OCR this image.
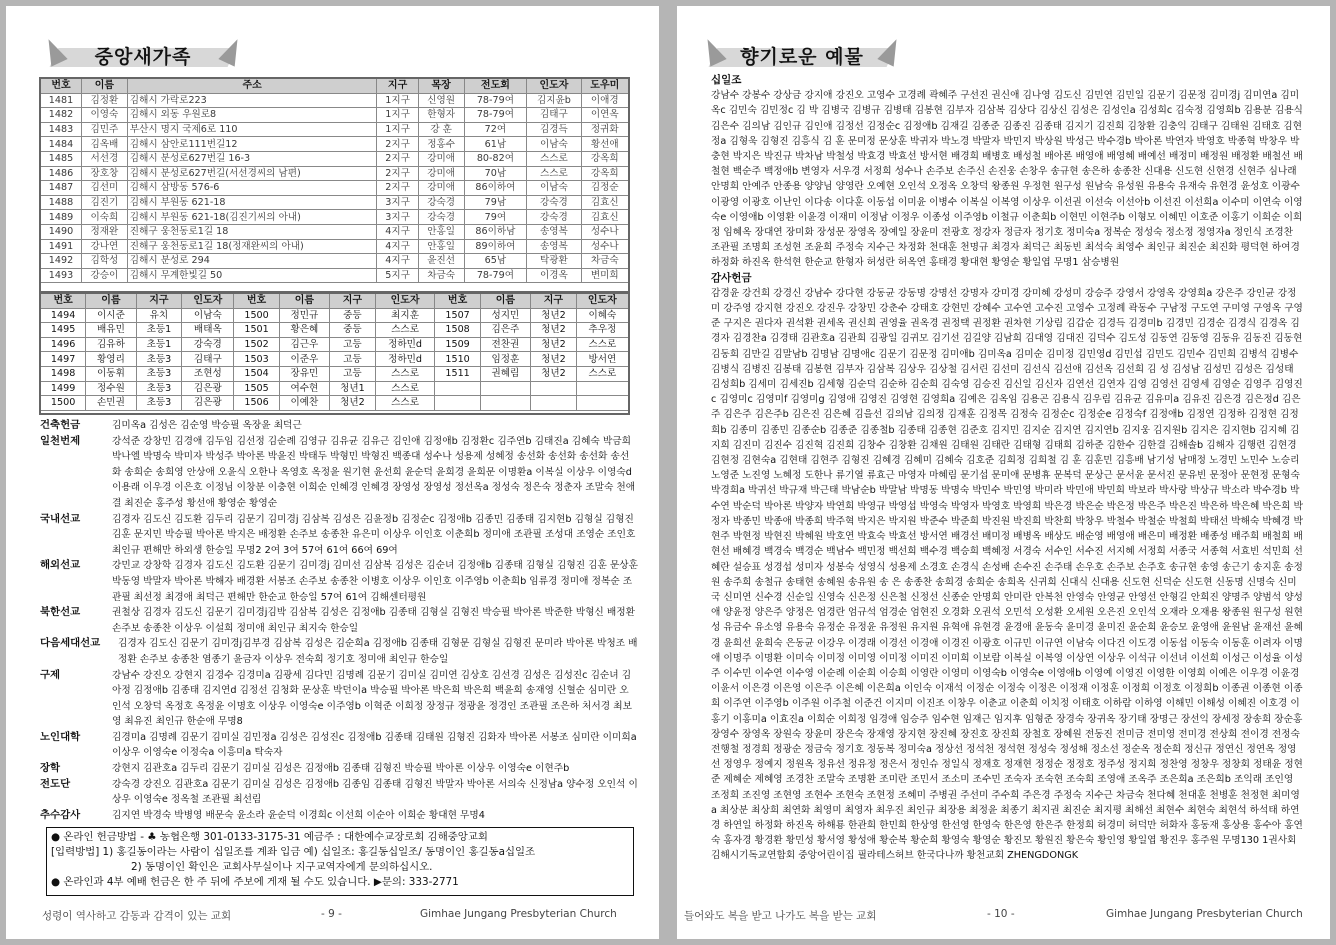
중앙새가족
번호	이름	주소	지구	목장	전도회	인도자	도우미
1481	김정환	김해시 가락로223	1지구	신영원	78-79여	김지윤b	이애경
1482	이영숙	김해시 외동 우원로8	1지구	한형자	78-79여	김태구	이연옥
1483	김민주	부산시 명지 국제6로 110	1지구	강 훈	72여	김경득	정귀화
1484	김옥배	김해시 삼안로111번길12	2지구	정홍수	61남	이남숙	황선애
1485	서선경	김해시 분성로627번길 16-3	2지구	강미애	80-82여	스스로	강옥희
1486	장호창	김해시 분성로627번길(서선경씨의 남편)	2지구	강미애	70남	스스로	강옥희
1487	김선미	김해시 삼방동 576-6	2지구	강미애	86이하여	이남숙	김정순
1488	김진기	김해시 부원동 621-18	3지구	강숙경	79남	강숙경	김효신
1489	이숙희	김해시 부원동 621-18(김진기씨의 아내)	3지구	강숙경	79여	강숙경	김효신
1490	정재완	진해구 웅천동로1길 18	4지구	안홍일	86이하남	송영복	성수나
1491	강나연	진해구 웅천동로1길 18(정재완씨의 아내)	4지구	안홍일	89이하여	송영복	성수나
1492	김학성	김해시 분성로 294	4지구	윤진선	65남	탁광환	차금숙
1493	강승이	김해시 무계한빛길 50	5지구	차금숙	78-79여	이경옥	변미희
번호	이름	지구	인도자	번호	이름	지구	인도자	번호	이름	지구	인도자
1494	이시준	유치	이남숙	1500	정민규	중등	최지훈	1507	성지민	청년2	이혜숙
1495	배유민	초등1	배태옥	1501	황은혜	중등	스스로	1508	김은주	청년2	추우정
1496	김유하	초등1	강숙경	1502	김근우	고등	정하민d	1509	전찬권	청년2	스스로
1497	황영리	초등3	김태구	1503	이준우	고등	정하민d	1510	임정훈	청년2	방서연
1498	이동휘	초등3	조현성	1504	장유민	고등	스스로	1511	권혜림	청년2	스스로
1499	정수원	초등3	김은광	1505	여수현	청년1	스스로				
1500	손민권	초등3	김은광	1506	이예찬	청년2	스스로				
건축헌금	김미옥a 김성은 김순영 박승필 옥장윤 최덕근
일천번제	강석준 강창민 김경애 김두임 김선정 김순례 김영규 김유균 김유근 김인애 김정애b 김정환c 김주연b 김태진a 김혜숙 박금희 박나엘 박명숙 박미자 박성주 박아론 박윤진 박태두 박형민 박형진 백종대 성수나 성용제 성혜정 송선화 송선화 송선화 송선화 송희순 송희영 안상애 오윤식 오한나 옥영호 옥정윤 원기현 윤선희 윤순덕 윤희경 윤희문 이명환a 이복실 이상우 이영숙d 이용래 이우경 이은호 이정님 이창분 이충현 이희순 인혜경 인혜경 장영성 장영성 정선옥a 정성숙 정은숙 정춘자 조말숙 천애결 최진순 홍주성 황선애 황영순 황영순
국내선교	김경자 김도신 김도환 김두리 김문기 김미경j 김삼복 김성은 김윤정b 김정순c 김정애b 김종민 김종태 김지현b 김형실 김형진 김훈 문지민 박승필 박아론 박지은 배정환 손주보 송종찬 유은미 이상우 이인호 이춘희b 정미애 조관필 조성대 조영순 조인호 최인규 편해만 하외생 한승일 무명2 2여 3여 57여 61여 66여 69여
해외선교	강민교 강창학 김경자 김도신 김도환 김문기 김미경j 김미선 김삼복 김성은 김순녀 김정애b 김종태 김형실 김형진 김훈 문상훈 박동영 박말자 박아론 박해자 배경환 서봉조 손주보 송종찬 이병호 이상우 이인호 이주영b 이춘희b 임류경 정미애 정복순 조관필 최선정 최경애 최덕근 편해만 한순교 한승일 57여 61여 김해센터평원
북한선교	권철상 김경자 김도신 김문기 김미경j김박 김삼복 김성은 김정애b 김종태 김형실 김형진 박승필 박아론 박준한 박형신 배정환 손주보 송종찬 이상우 이설희 정미애 최인규 최지숙 한승일
다음세대선교	김경자 김도신 김문기 김미경j김부경 김삼복 김성은 김순희a 김정애b 김종태 김형문 김형실 김형진 문미라 박아론 박청조 배정환 손주보 송종찬 염종기 윤금자 이상우 전숙희 정기호 정미애 최인규 한승일
구제	강남수 강진오 강현지 김경수 김경미a 김광세 김다민 김명례 김문기 김미실 김미연 김상호 김선경 김성은 김성진c 김순녀 김아정 김정애b 김종태 김지연d 김정선 김청화 문상훈 박던이a 박승필 박아론 박은희 박은희 백윤희 송재영 신혈순 심미란 오인석 오창덕 옥정호 옥정윤 이명호 이상우 이영숙e 이주영b 이혁준 이희정 장정규 정광윤 정경인 조관필 조은하 처서경 최보영 최유진 최인규 한순애 무명8
노인대학	김경미a 김명례 김문기 김미실 김민정a 김성은 김성진c 김정애b 김종태 김태원 김형진 김화자 박아론 서봉조 심미란 이미희a 이상우 이영숙e 이정숙a 이흥미a 탁숙자
장학	강현지 김관호a 김두리 김문기 김미실 김성은 김정애b 김종태 김형진 박승필 박아론 이상우 이영숙e 이현주b
전도단	강숙경 강진오 김관호a 김문기 김미실 김성은 김정애b 김종임 김종태 김형진 박말자 박아론 서의숙 신정남a 양수정 오인석 이상우 이영숙e 정옥철 조관필 최선림
추수감사	김지연 박경숙 박병영 배문숙 윤소라 윤순덕 이경희c 이선희 이순아 이희순 황대현 무명4
● 온라인 헌금방법 - ♣ 농협은행 301-0133-3175-31 예금주 : 대한예수교장로회 김해중앙교회
[입력방법] 1) 홍길동이라는 사람이 십일조를 계좌 입금 예) 십일조: 홍길동십일조/ 동명이인 홍길동a십일조
2) 동명이인 확인은 교회사무실이나 지구교역자에게 문의하십시오.
● 온라인과 4부 예배 헌금은 한 주 뒤에 주보에 게재 될 수도 있습니다. ▶문의: 333-2771
성령이 역사하고 감동과 감격이 있는 교회	- 9 -	Gimhae Jungang Presbyterian Church
향기로운 예물
십일조
강남수 강봉수 강상금 강지애 강진오 고영수 고경례 곽혜주 구선진 권신애 김나영 김도신 김민연 김민일 김문기 김문정 김미경j 김미연a 김미옥c 김민숙 김민정c 김 박 김병국 김병규 김병태 김봉현 김부자 김삼복 김상다 김상신 김성은 김성인a 김성희c 김숙정 김영희b 김용분 김용식 김은수 김의남 김인규 김인애 김정선 김정순c 김정애b 김재길 김종준 김종진 김종태 김지기 김진희 김창환 김충익 김태구 김태원 김태호 김현정a 김형욱 김형진 김흥식 김 훈 문미정 문상훈 박귀자 박노경 박말자 박민지 박상원 박성근 박수경b 박아론 박연자 박영호 박종혁 박창우 박충현 박지은 박진규 박차남 박철성 박효경 박효선 방서현 배경희 배병호 배성철 배아론 배영애 배영혜 배예선 배정미 배정원 배정환 배철선 배철현 백순주 백정애b 변영자 서우경 서정희 성수나 손주보 손주신 손진웅 손창우 송규현 송은하 송종찬 신대용 신도현 신현경 신현주 심나래 안명희 안예주 안종용 양양님 양영란 오예현 오인석 오정옥 오창덕 왕종원 우정현 원구성 원남숙 유성원 유용숙 유재숙 유현경 윤성호 이광수 이광영 이광호 이난인 이다송 이다훈 이동섭 이미윤 이병수 이복실 이복영 이상우 이선권 이선숙 이선아b 이선진 이선희a 이수미 이연숙 이영숙e 이영애b 이영환 이윤경 이재미 이정남 이정우 이종성 이주영b 이철규 이춘희b 이현민 이현주b 이형모 이혜민 이호준 이홍기 이희순 이희정 임혜옥 장대연 장미화 장성문 장영옥 장예일 장윤미 전광호 정강자 정금자 정기호 정미숙a 정복순 정성숙 정소정 정영자a 정인식 조경찬 조관필 조명희 조성현 조윤희 주정숙 지수근 차정화 천대훈 천명규 최경자 최덕근 최동빈 최석숙 최영수 최인규 최진순 최진화 평덕현 하여경 하정화 하진옥 한석현 한순교 한형자 허성란 허옥연 홍태경 황대현 황영순 황일엽 무명1 삼승병원
감사헌금
감경윤 강건희 강경신 강남수 강다현 강동균 강동명 강명선 강명자 강미경 강미혜 강성미 강승주 강영서 강영옥 강영희a 강은주 강인균 강정미 강주영 강지현 강진오 강진우 강창민 강춘수 강태호 강현민 강혜수 고수연 고수진 고영수 고정례 곽동수 구남정 구도연 구미영 구영옥 구영준 구지은 권다자 권석환 권세옥 권신희 권영율 권옥경 권정택 권정환 권차현 기상림 김갑순 김경득 김경미b 김경민 김경순 김경식 김경옥 김경자 김경찬a 김경태 김관호a 김관희 김광일 김귀모 김기선 김길양 김남희 김대영 김대진 김덕수 김도성 김동연 김동영 김동유 김동진 김동현 김동희 김만길 김말남b 김명남 김명애c 김문기 김문정 김미애b 김미옥a 김미순 김미정 김민영d 김민섭 김민도 김민수 김민희 김병석 김병수 김병식 김병진 김봉태 김봉현 김부자 김삼복 김상우 김상철 김서린 김선미 김선식 김선애 김선옥 김선희 김 성 김성남 김성민 김성은 김성태 김성희b 김세미 김세진b 김세형 김순덕 김순하 김순희 김숙영 김승진 김신일 김신자 김연선 김연자 김영 김영선 김영세 김영순 김영주 김영진c 김영미c 김영미f 김영미g 김영애 김영진 김영현 김영희a 김예은 김옥임 김용곤 김용식 김우림 김유균 김유미a 김유진 김은경 김은정d 김은주 김은주 김은주b 김은진 김은혜 김을선 김의남 김의정 김재훈 김정목 김정숙 김정순c 김정순e 김정숙f 김정애b 김정연 김정하 김정현 김정희b 김종미 김종민 김종순b 김종준 김종철b 김종태 김종현 김준호 김지민 김지순 김지연 김지연b 김지웅 김지원b 김지은 김지현b 김지혜 김지희 김진미 김진수 김진혁 김진희 김창수 김창환 김채원 김태원 김태란 김태형 김태희 김하준 김한수 김한결 김해솔b 김해자 김행련 김현경 김현정 김현숙a 김현태 김현주 김형진 김혜경 김혜미 김혜숙 김호준 김희정 김희철 김 훈 김훈민 김흥배 남기성 남매정 노경민 노민수 노승리 노영준 노진영 노혜정 도한나 류기열 류효근 마영자 마혜림 문기섭 문미애 문병휴 문복덕 문상근 문서윤 문서진 문유빈 문정아 문현정 문형숙 박경희a 박귀선 박규재 박근태 박남순b 박말남 박명동 박명숙 박민수 박민영 박미라 박민애 박민희 박보라 박사랑 박상규 박소라 박수경b 박수연 박순덕 박아론 박양자 박연희 박영규 박영섭 박영숙 박영자 박영호 박영희 박은경 박은순 박은정 박은주 박은진 박은하 박은혜 박은희 박정자 박종민 박종애 박종희 박주혁 박지은 박지원 박준수 박준희 박진원 박진희 박찬희 박창우 박철수 박철순 박철희 박태선 박해숙 박혜경 박현주 박현정 박현진 박혜원 박호연 박효숙 박효선 방서연 배경선 배미정 배병옥 배상도 배순영 배영애 배은미 배정환 배종성 배주희 배철희 배현선 배혜경 백경숙 백경순 백남수 백민정 백선희 백수경 백승희 백혜정 서경숙 서수인 서수진 서지혜 서정희 서종국 서종혁 서효빈 석민희 선혜란 설승표 성경섭 성미자 성봉숙 성영식 성용제 소경호 손경식 손성배 손수진 손주태 손우호 손주보 손주호 송규현 송영 송근기 송지훈 송정원 송주희 송철규 송태현 송혜원 송유원 송 은 송종찬 송희경 송희순 송희옥 신귀희 신대식 신대용 신도현 신덕순 신도현 신동명 신명숙 신미국 신미연 신수경 신순일 신영숙 신은정 신은철 신정선 신종순 안명희 안미란 안복천 안영숙 안영균 안영선 안형길 안희진 양명주 양범석 양성애 양윤정 양은주 양정은 엄경란 엄규석 엄경순 엄현진 오경화 오권석 오민석 오성환 오세원 오은진 오인석 오재라 오재용 왕종원 원구성 원현성 유금수 유소영 유용숙 유정순 유정윤 유정원 유지원 유혁애 유현경 윤경애 윤동숙 윤미경 윤미진 윤순희 윤승모 윤영애 윤원남 윤재선 윤혜경 윤희선 윤희숙 은동균 이강우 이경래 이경선 이경애 이경진 이광호 이규민 이규연 이남숙 이다건 이도경 이동섭 이동숙 이동훈 이려자 이명애 이명주 이명환 이미숙 이미정 이미영 이미정 이미진 이미희 이보람 이복실 이복영 이상연 이상우 이석규 이선녀 이선희 이성근 이성율 이성주 이수민 이수연 이수영 이순례 이순희 이승희 이영란 이영미 이영숙b 이영숙e 이영애b 이영예 이영진 이영한 이영희 이예은 이우경 이윤경 이윤서 이은경 이은영 이은주 이은혜 이은희a 이인숙 이재석 이정순 이정숙 이정은 이정재 이정훈 이정희 이정호 이정희b 이종권 이종현 이종희 이주연 이주영b 이주원 이주철 이준건 이지미 이진조 이창우 이춘교 이춘희 이치정 이태호 이하람 이하영 이해민 이해성 이혜진 이호경 이홍기 이홍미a 이효진a 이희순 이희정 임경애 임승주 임수현 임재근 임지후 임형준 장경숙 장귀옥 장기태 장명근 장선익 장세정 장송희 장순홍 장영수 장영옥 장원숙 장윤미 장은숙 장재영 장지현 장진혜 장진호 장진희 장철호 장혜원 전동진 전미금 전미영 전미경 전상희 전이경 전정숙 전행철 정경희 정광순 정금숙 정기호 정동복 정미숙a 정상선 정석천 정석현 정성숙 정성해 정소선 정순옥 정순희 정신규 정연신 정연옥 정영선 정영우 정예지 정원옥 정유선 정유정 정은서 정인슈 정일식 정재호 정재현 정정순 정정호 정주성 정지희 정찬영 정창우 정창회 정태윤 정현준 제혜순 제혜영 조경찬 조말숙 조명환 조미란 조민서 조소미 조수민 조숙자 조숙현 조숙희 조영애 조옥주 조은희a 조은희b 조익래 조인영 조정희 조진영 조현영 조현수 조현숙 조현정 조혜미 주병권 주선미 주수희 주은경 주정숙 지수근 차금숙 천다혜 천대훈 천병훈 천정현 최미영a 최상분 최상희 최연화 최영미 최영자 최우진 최인규 최장용 최정윤 최종기 최지권 최진순 최지평 최해선 최현수 최현숙 최현석 하석태 하연경 하연일 하정화 하진옥 하해룡 한관희 한민희 한상영 한선영 한영숙 한은영 한은주 한정희 허경미 허덕만 허화자 홍동재 홍상용 홍수아 홍연숙 홍자경 황경환 황민성 황서영 황성애 황순복 황순희 황영숙 황영순 황진모 황원진 황은숙 황인영 황일엽 황진우 홍주원 무명130 1권사회 김해시기독교연합회 중앙어린이집 필라테스허브 한국다나까 황천교회 ZHENGDONGK
들어와도 복을 받고 나가도 복을 받는 교회	- 10 -	Gimhae Jungang Presbyterian Church
